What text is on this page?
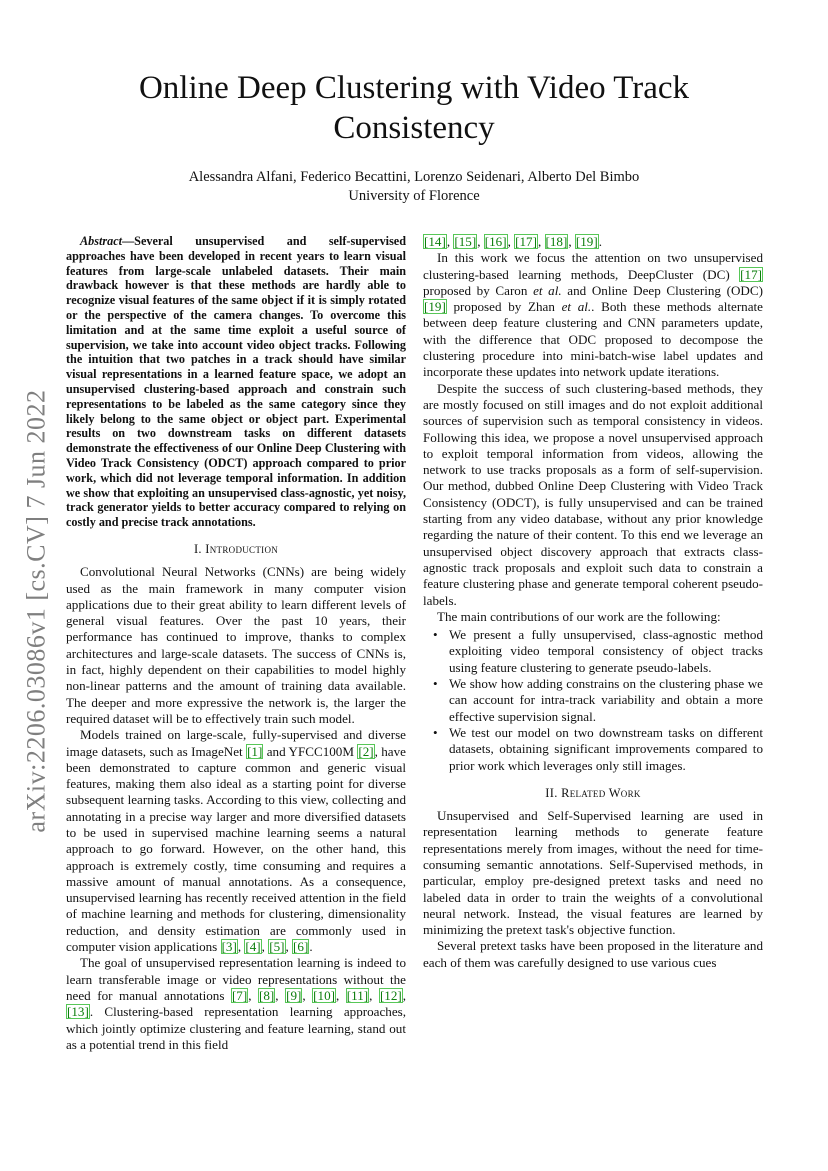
arXiv:2206.03086v1 [cs.CV] 7 Jun 2022
Online Deep Clustering with Video Track Consistency
Alessandra Alfani, Federico Becattini, Lorenzo Seidenari, Alberto Del Bimbo
University of Florence

Abstract—Several unsupervised and self-supervised approaches have been developed in recent years to learn visual features from large-scale unlabeled datasets. Their main drawback however is that these methods are hardly able to recognize visual features of the same object if it is simply rotated or the perspective of the camera changes. To overcome this limitation and at the same time exploit a useful source of supervision, we take into account video object tracks. Following the intuition that two patches in a track should have similar visual representations in a learned feature space, we adopt an unsupervised clustering-based approach and constrain such representations to be labeled as the same category since they likely belong to the same object or object part. Experimental results on two downstream tasks on different datasets demonstrate the effectiveness of our Online Deep Clustering with Video Track Consistency (ODCT) approach compared to prior work, which did not leverage temporal information. In addition we show that exploiting an unsupervised class-agnostic, yet noisy, track generator yields to better accuracy compared to relying on costly and precise track annotations.

I. Introduction

Convolutional Neural Networks (CNNs) are being widely used as the main framework in many computer vision applications due to their great ability to learn different levels of general visual features. Over the past 10 years, their performance has continued to improve, thanks to complex architectures and large-scale datasets. The success of CNNs is, in fact, highly dependent on their capabilities to model highly non-linear patterns and the amount of training data available. The deeper and more expressive the network is, the larger the required dataset will be to effectively train such model.

Models trained on large-scale, fully-supervised and diverse image datasets, such as ImageNet [1] and YFCC100M [2], have been demonstrated to capture common and generic visual features, making them also ideal as a starting point for diverse subsequent learning tasks. According to this view, collecting and annotating in a precise way larger and more diversified datasets to be used in supervised machine learning seems a natural approach to go forward. However, on the other hand, this approach is extremely costly, time consuming and requires a massive amount of manual annotations. As a consequence, unsupervised learning has recently received attention in the field of machine learning and methods for clustering, dimensionality reduction, and density estimation are commonly used in computer vision applications [3], [4], [5], [6].

The goal of unsupervised representation learning is indeed to learn transferable image or video representations without the need for manual annotations [7], [8], [9], [10], [11], [12], [13]. Clustering-based representation learning approaches, which jointly optimize clustering and feature learning, stand out as a potential trend in this field

[14], [15], [16], [17], [18], [19].

In this work we focus the attention on two unsupervised clustering-based learning methods, DeepCluster (DC) [17] proposed by Caron et al. and Online Deep Clustering (ODC) [19] proposed by Zhan et al.. Both these methods alternate between deep feature clustering and CNN parameters update, with the difference that ODC proposed to decompose the clustering procedure into mini-batch-wise label updates and incorporate these updates into network update iterations.

Despite the success of such clustering-based methods, they are mostly focused on still images and do not exploit additional sources of supervision such as temporal consistency in videos. Following this idea, we propose a novel unsupervised approach to exploit temporal information from videos, allowing the network to use tracks proposals as a form of self-supervision. Our method, dubbed Online Deep Clustering with Video Track Consistency (ODCT), is fully unsupervised and can be trained starting from any video database, without any prior knowledge regarding the nature of their content. To this end we leverage an unsupervised object discovery approach that extracts class-agnostic track proposals and exploit such data to constrain a feature clustering phase and generate temporal coherent pseudo-labels.

The main contributions of our work are the following:

• We present a fully unsupervised, class-agnostic method exploiting video temporal consistency of object tracks using feature clustering to generate pseudo-labels.
• We show how adding constrains on the clustering phase we can account for intra-track variability and obtain a more effective supervision signal.
• We test our model on two downstream tasks on different datasets, obtaining significant improvements compared to prior work which leverages only still images.
II. Related Work

Unsupervised and Self-Supervised learning are used in representation learning methods to generate feature representations merely from images, without the need for time-consuming semantic annotations. Self-Supervised methods, in particular, employ pre-designed pretext tasks and need no labeled data in order to train the weights of a convolutional neural network. Instead, the visual features are learned by minimizing the pretext task's objective function.

Several pretext tasks have been proposed in the literature and each of them was carefully designed to use various cues
